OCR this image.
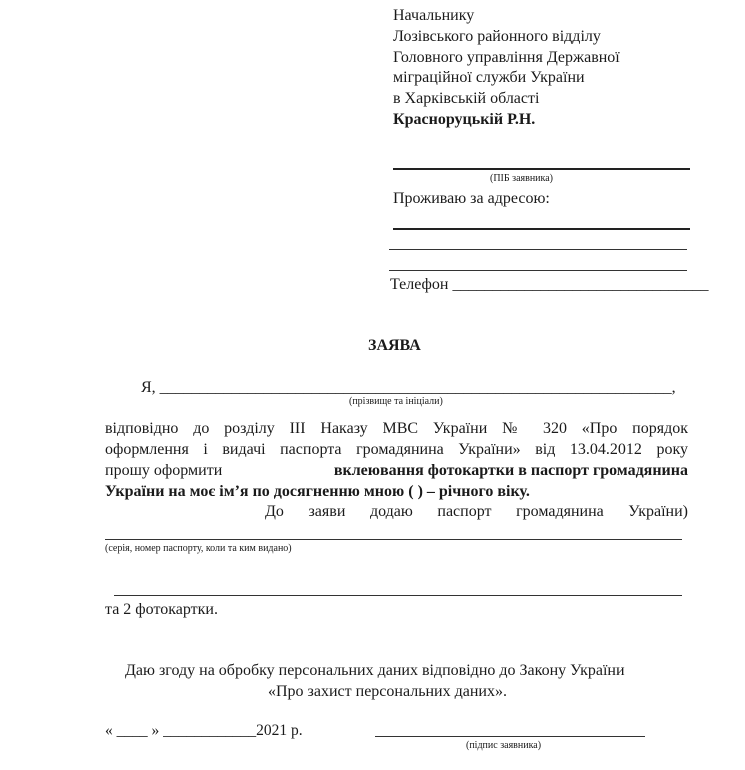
Начальнику
Лозівського районного відділу
Головного управління Державної
міграційної служби України
в Харківській області
Красноруцькій Р.Н.
(ПІБ заявника)
Проживаю за адресою:
Телефон ________________________________
ЗАЯВА
Я, ________________________________________________________________,
(прізвище та ініціали)
відповідно до розділу ІІІ Наказу МВС України № 320 «Про порядок
оформлення і видачі паспорта громадянина України» від 13.04.2012 року
прошу оформити	вклеювання фотокартки в паспорт громадянина
України на моє ім’я по досягненню мною ( ) – річного віку.
До заяви додаю паспорт громадянина України)
(серія, номер паспорту, коли та ким видано)
та 2 фотокартки.
Даю згоду на обробку персональних даних відповідно до Закону України
«Про захист персональних даних».
« ____ » ____________2021 р.
(підпис заявника)
